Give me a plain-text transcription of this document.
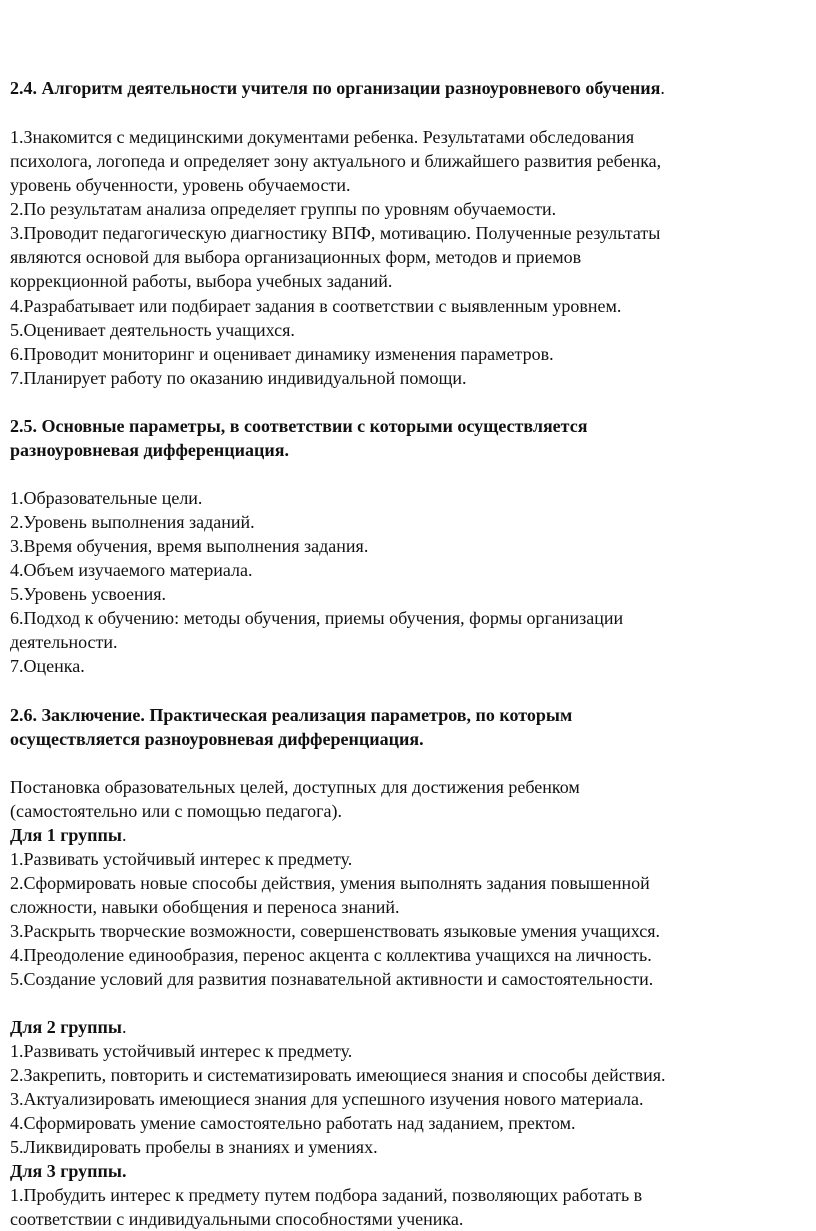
2.4. Алгоритм деятельности учителя по организации разноуровневого обучения.

1.Знакомится с медицинскими документами ребенка. Результатами обследования

психолога, логопеда и определяет зону актуального и ближайшего развития ребенка,

уровень обученности, уровень обучаемости.

2.По результатам анализа определяет группы по уровням обучаемости.

3.Проводит педагогическую диагностику ВПФ, мотивацию. Полученные результаты

являются основой для выбора организационных форм, методов и приемов

коррекционной работы, выбора учебных заданий.

4.Разрабатывает или подбирает задания в соответствии с выявленным уровнем.

5.Оценивает деятельность учащихся.

6.Проводит мониторинг и оценивает динамику изменения параметров.

7.Планирует работу по оказанию индивидуальной помощи.

2.5. Основные параметры, в соответствии с которыми осуществляется

разноуровневая дифференциация.

1.Образовательные цели.

2.Уровень выполнения заданий.

3.Время обучения, время выполнения задания.

4.Объем изучаемого материала.

5.Уровень усвоения.

6.Подход к обучению: методы обучения, приемы обучения, формы организации

деятельности.

7.Оценка.

2.6. Заключение. Практическая реализация параметров, по которым

осуществляется разноуровневая дифференциация.

Постановка образовательных целей, доступных для достижения ребенком

(самостоятельно или с помощью педагога).

Для 1 группы.

1.Развивать устойчивый интерес к предмету.

2.Сформировать новые способы действия, умения выполнять задания повышенной

сложности, навыки обобщения и переноса знаний.

3.Раскрыть творческие возможности, совершенствовать языковые умения учащихся.

4.Преодоление единообразия, перенос акцента с коллектива учащихся на личность.

5.Создание условий для развития познавательной активности и самостоятельности.

Для 2 группы.

1.Развивать устойчивый интерес к предмету.

2.Закрепить, повторить и систематизировать имеющиеся знания и способы действия.

3.Актуализировать имеющиеся знания для успешного изучения нового материала.

4.Сформировать умение самостоятельно работать над заданием, пректом.

5.Ликвидировать пробелы в знаниях и умениях.

Для 3 группы.

1.Пробудить интерес к предмету путем подбора заданий, позволяющих работать в

соответствии с индивидуальными способностями ученика.
